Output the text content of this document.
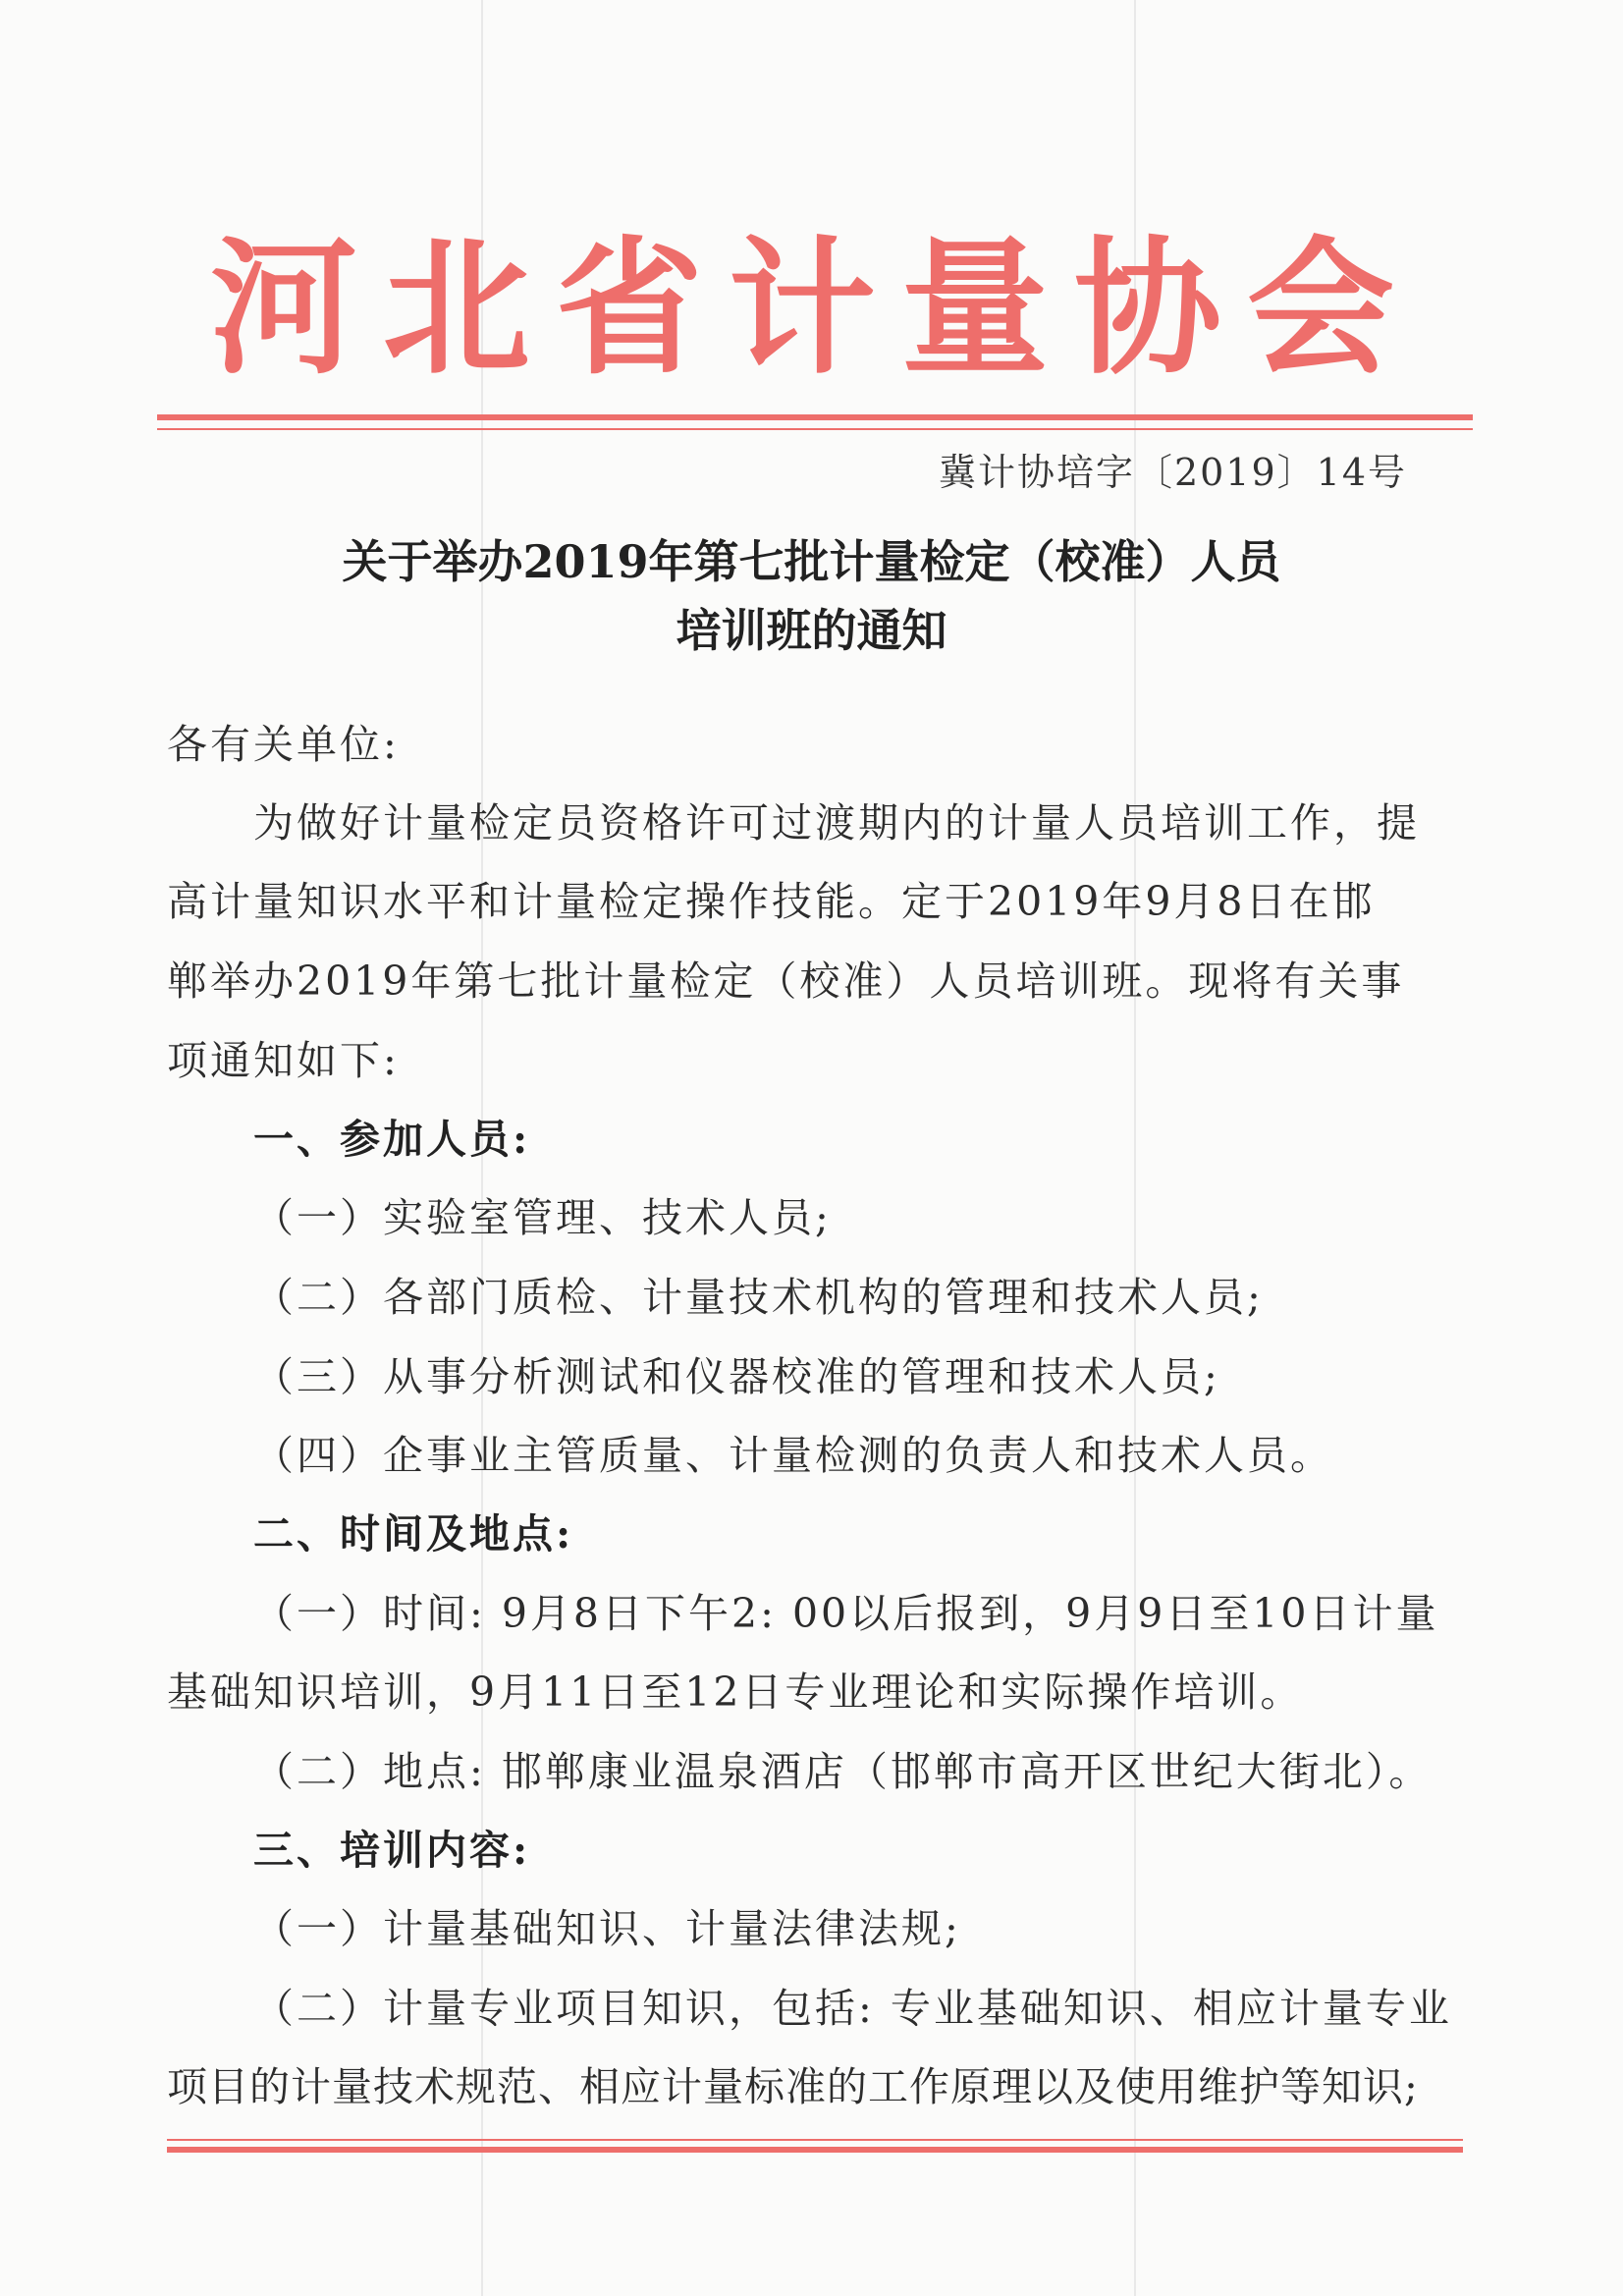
河北省计量协会
冀计协培字〔2019〕14号
关于举办2019年第七批计量检定（校准）人员
培训班的通知
各有关单位:
为做好计量检定员资格许可过渡期内的计量人员培训工作，提
高计量知识水平和计量检定操作技能。定于2019年9月8日在邯
郸举办2019年第七批计量检定（校准）人员培训班。现将有关事
项通知如下:
一、参加人员:
（一）实验室管理、技术人员;
（二）各部门质检、计量技术机构的管理和技术人员;
（三）从事分析测试和仪器校准的管理和技术人员;
（四）企事业主管质量、计量检测的负责人和技术人员。
二、时间及地点:
（一）时间: 9月8日下午2: 00以后报到，9月9日至10日计量
基础知识培训，9月11日至12日专业理论和实际操作培训。
（二）地点: 邯郸康业温泉酒店（邯郸市高开区世纪大街北）。
三、培训内容:
（一）计量基础知识、计量法律法规;
（二）计量专业项目知识，包括: 专业基础知识、相应计量专业
项目的计量技术规范、相应计量标准的工作原理以及使用维护等知识;
